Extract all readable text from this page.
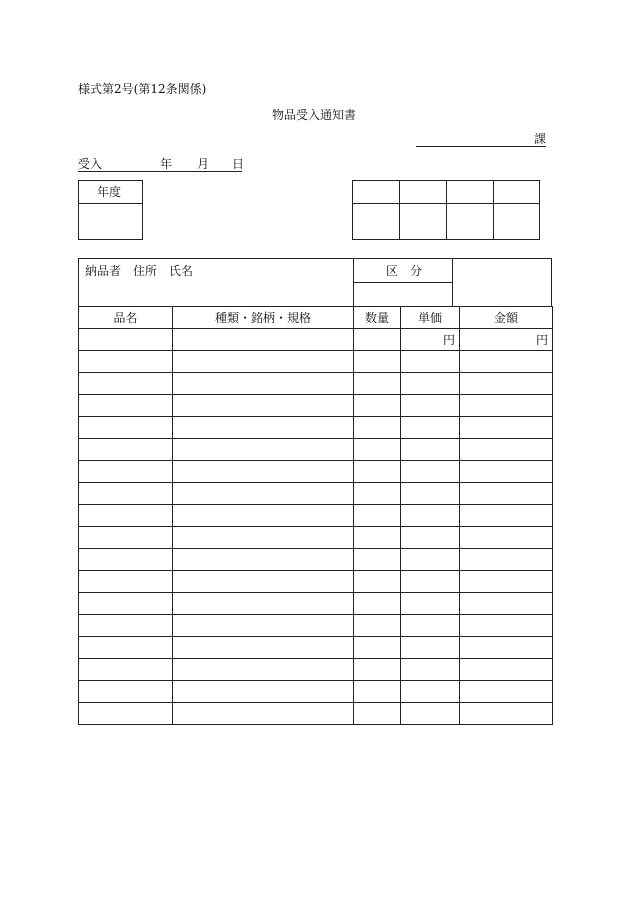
様式第2号(第12条関係)
物品受入通知書
課
受入	年 月 日
年度
納品者　住所　氏名	区　分
品名	種類・銘柄・規格	数量	単価	金額
			円	円
